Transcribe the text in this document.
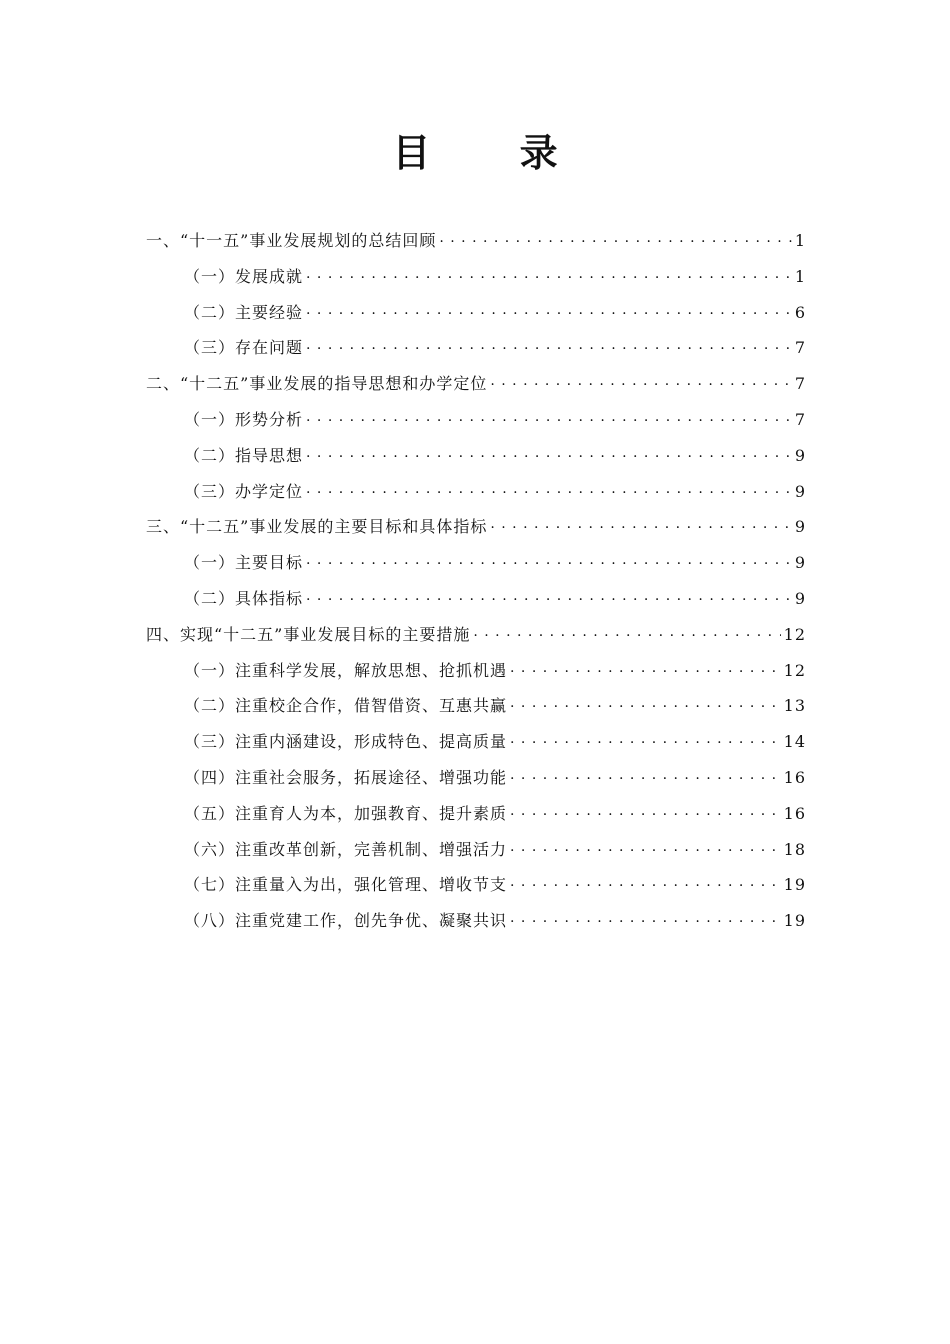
目 录
一、“十一五”事业发展规划的总结回顾 . . .	1
（一）发展成就 . . .	1
（二）主要经验 . . .	6
（三）存在问题 . . .	7
二、“十二五”事业发展的指导思想和办学定位 . . .	7
（一）形势分析 . . .	7
（二）指导思想 . . .	9
（三）办学定位 . . .	9
三、“十二五”事业发展的主要目标和具体指标 . . .	9
（一）主要目标 . . .	9
（二）具体指标 . . .	9
四、实现“十二五”事业发展目标的主要措施 . . .	12
（一）注重科学发展，解放思想、抢抓机遇 . . .	12
（二）注重校企合作，借智借资、互惠共赢 . . .	13
（三）注重内涵建设，形成特色、提高质量 . . .	14
（四）注重社会服务，拓展途径、增强功能 . . .	16
（五）注重育人为本，加强教育、提升素质 . . .	16
（六）注重改革创新，完善机制、增强活力 . . .	18
（七）注重量入为出，强化管理、增收节支 . . .	19
（八）注重党建工作，创先争优、凝聚共识 . . .	19
